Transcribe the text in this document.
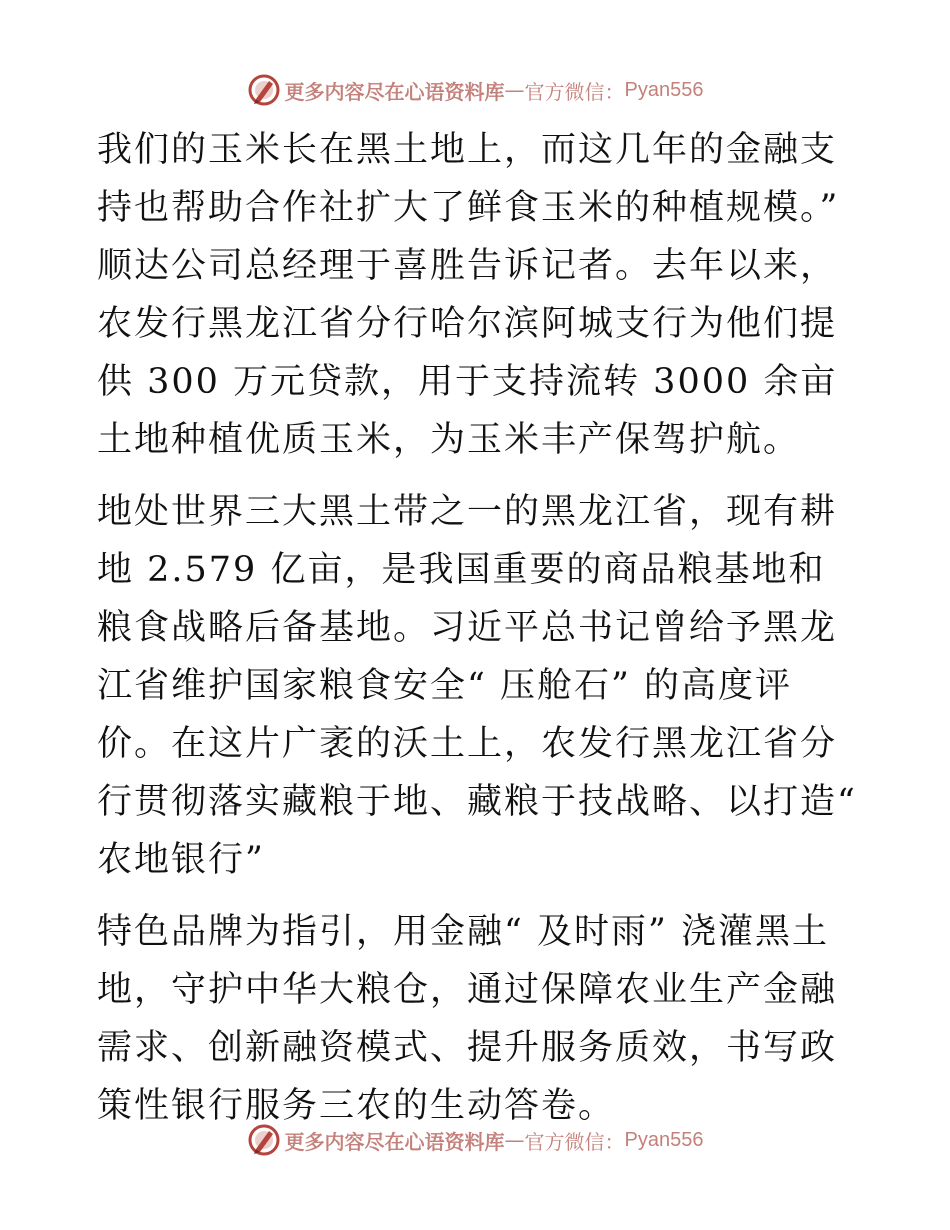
更多内容尽在心语资料库 — 官方微信： Pyan556

我们的玉米长在黑土地上，而这几年的金融支持也帮助合作社扩大了鲜食玉米的种植规模。” 顺达公司总经理于喜胜告诉记者。去年以来，农发行黑龙江省分行哈尔滨阿城支行为他们提供 300 万元贷款，用于支持流转 3000 余亩土地种植优质玉米，为玉米丰产保驾护航。

地处世界三大黑土带之一的黑龙江省，现有耕地 2.579 亿亩，是我国重要的商品粮基地和粮食战略后备基地。习近平总书记曾给予黑龙江省维护国家粮食安全“ 压舱石” 的高度评价。在这片广袤的沃土上，农发行黑龙江省分行贯彻落实藏粮于地、藏粮于技战略、以打造“ 农地银行”

特色品牌为指引，用金融“ 及时雨” 浇灌黑土地，守护中华大粮仓，通过保障农业生产金融需求、创新融资模式、提升服务质效，书写政策性银行服务三农的生动答卷。

更多内容尽在心语资料库 — 官方微信： Pyan556
